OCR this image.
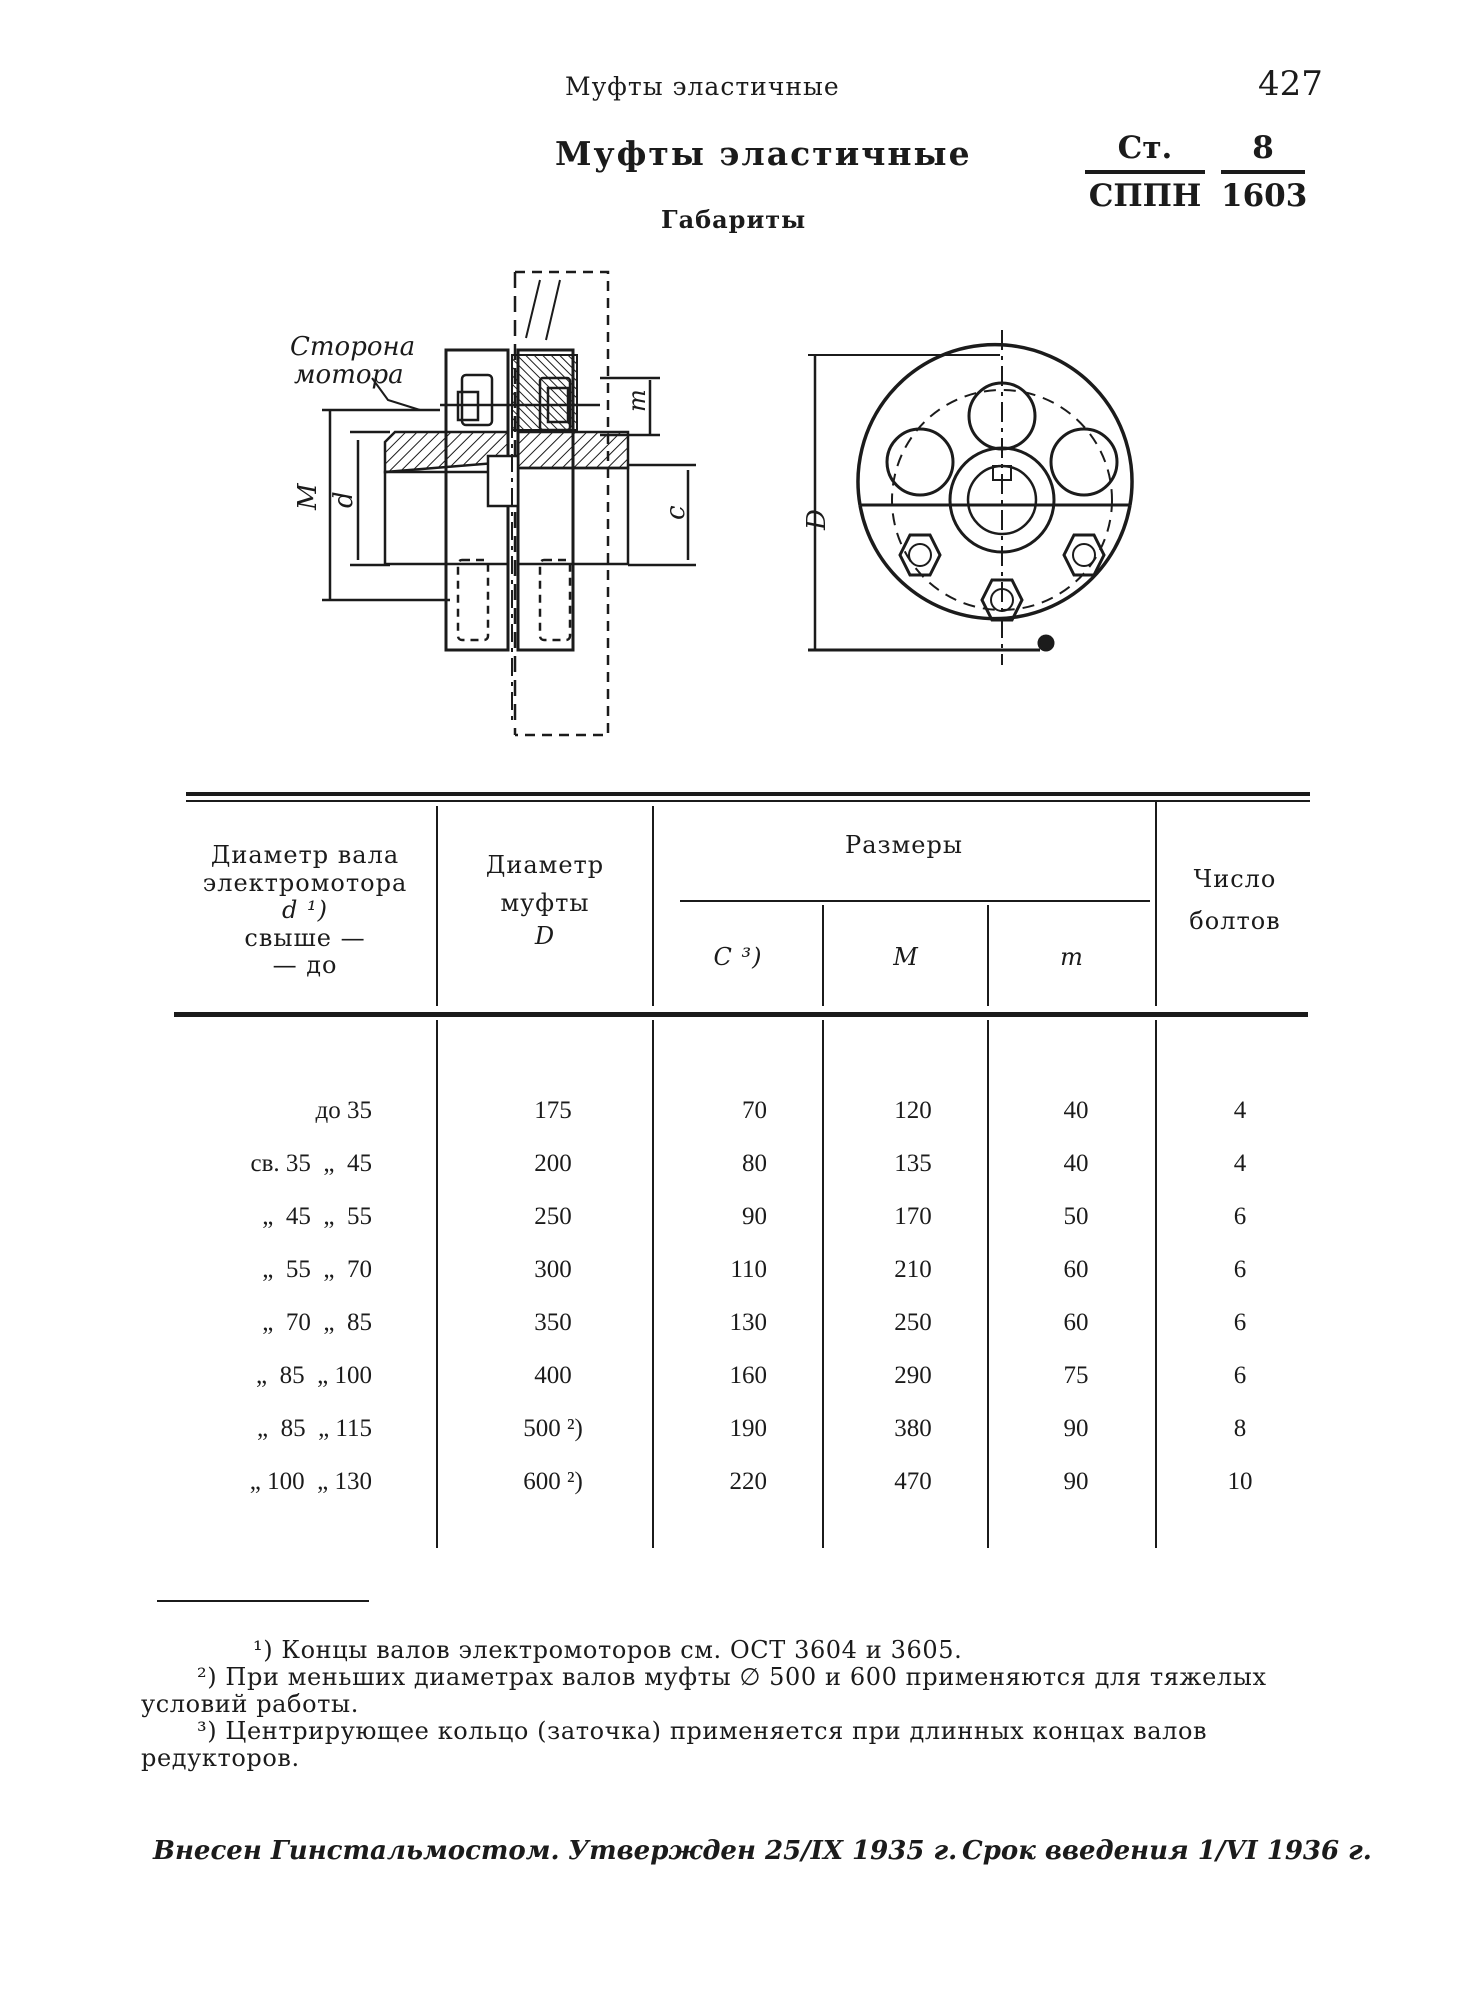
Муфты эластичные	427
Муфты эластичные
Габариты
Ст.
СППН $\frac{8}{1603}$
Сторона
мотора
M d
m
c	D
Диаметр вала
электромотора
d ¹)
свыше —
— до
Диаметр
муфты
D
Размеры
C ³)	M	m
Число
болтов
до 35	175	70	120	40	4
св. 35  „  45	200	80	135	40	4
„  45  „  55	250	90	170	50	6
„  55  „  70	300	110	210	60	6
„  70  „  85	350	130	250	60	6
„  85  „ 100	400	160	290	75	6
„  85  „ 115	500 ²)	190	380	90	8
„ 100  „ 130	600 ²)	220	470	90	10

¹) Концы валов электромоторов см. ОСТ 3604 и 3605.

²) При меньших диаметрах валов муфты ∅ 500 и 600 применяются для тяжелых условий работы.

³) Центрирующее кольцо (заточка) применяется при длинных концах валов редукторов.

Внесен Гинстальмостом. Утвержден 25/IX 1935 г. Срок введения 1/VI 1936 г.
